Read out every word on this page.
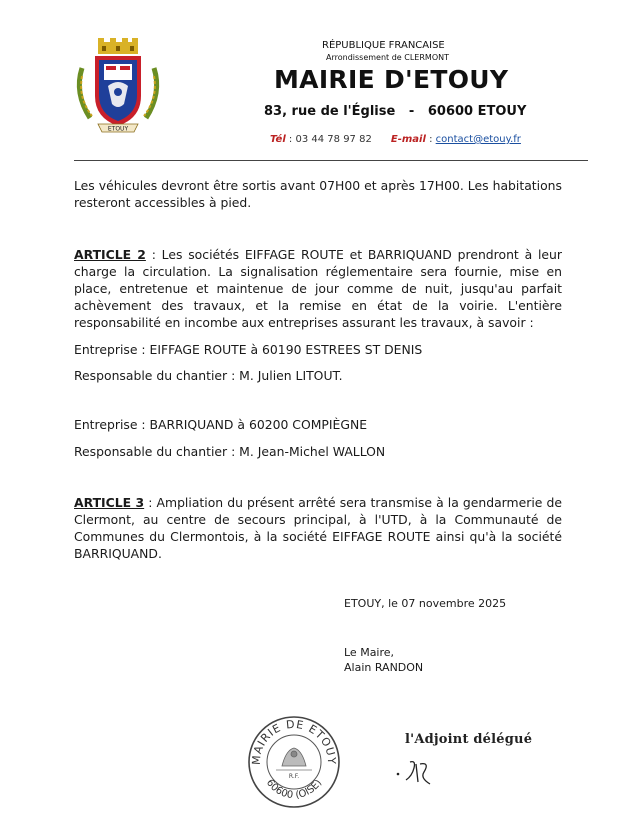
ETOUY
RÉPUBLIQUE FRANCAISE
Arrondissement de CLERMONT
MAIRIE D'ETOUY
83, rue de l'Église   -   60600 ETOUY
Tél : 03 44 78 97 82 E-mail : contact@etouy.fr
Les véhicules devront être sortis avant 07H00 et après 17H00. Les habitations resteront accessibles à pied.
ARTICLE 2 : Les sociétés EIFFAGE ROUTE et BARRIQUAND prendront à leur charge la circulation. La signalisation réglementaire sera fournie, mise en place, entretenue et maintenue de jour comme de nuit, jusqu'au parfait achèvement des travaux, et la remise en état de la voirie. L'entière responsabilité en incombe aux entreprises assurant les travaux, à savoir :
Entreprise : EIFFAGE ROUTE à 60190 ESTREES ST DENIS
Responsable du chantier : M. Julien LITOUT.
Entreprise : BARRIQUAND à 60200 COMPIÈGNE
Responsable du chantier : M. Jean-Michel WALLON
ARTICLE 3 : Ampliation du présent arrêté sera transmise à la gendarmerie de Clermont, au centre de secours principal, à l'UTD, à la Communauté de Communes du Clermontois, à la société EIFFAGE ROUTE ainsi qu'à la société BARRIQUAND.
ETOUY, le 07 novembre 2025
Le Maire,
Alain RANDON
MAIRIE DE ETOUY
60600 (OISE)
R.F.
l'Adjoint délégué
